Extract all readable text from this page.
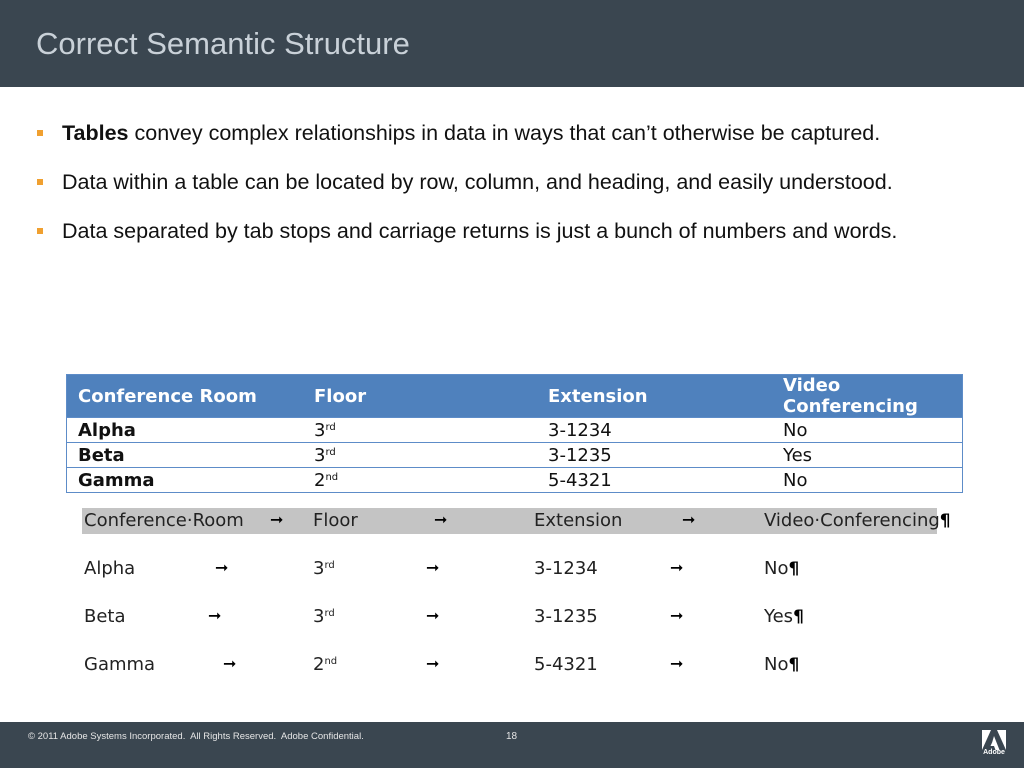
Correct Semantic Structure
Tables convey complex relationships in data in ways that can’t otherwise be captured.
Data within a table can be located by row, column, and heading, and easily understood.
Data separated by tab stops and carriage returns is just a bunch of numbers and words.
Conference Room	Floor	Extension	Video Conferencing
Alpha	3rd	3-1234	No
Beta	3rd	3-1235	Yes
Gamma	2nd	5-4321	No
Conference·Room ➞ Floor	➞	Extension	➞	Video·Conferencing¶
Alpha	➞	3rd	➞	3-1234	➞	No¶
Beta	➞	3rd	➞	3-1235	➞	Yes¶
Gamma	➞	2nd	➞	5-4321	➞	No¶
© 2011 Adobe Systems Incorporated.  All Rights Reserved.  Adobe Confidential.	18
Adobe
